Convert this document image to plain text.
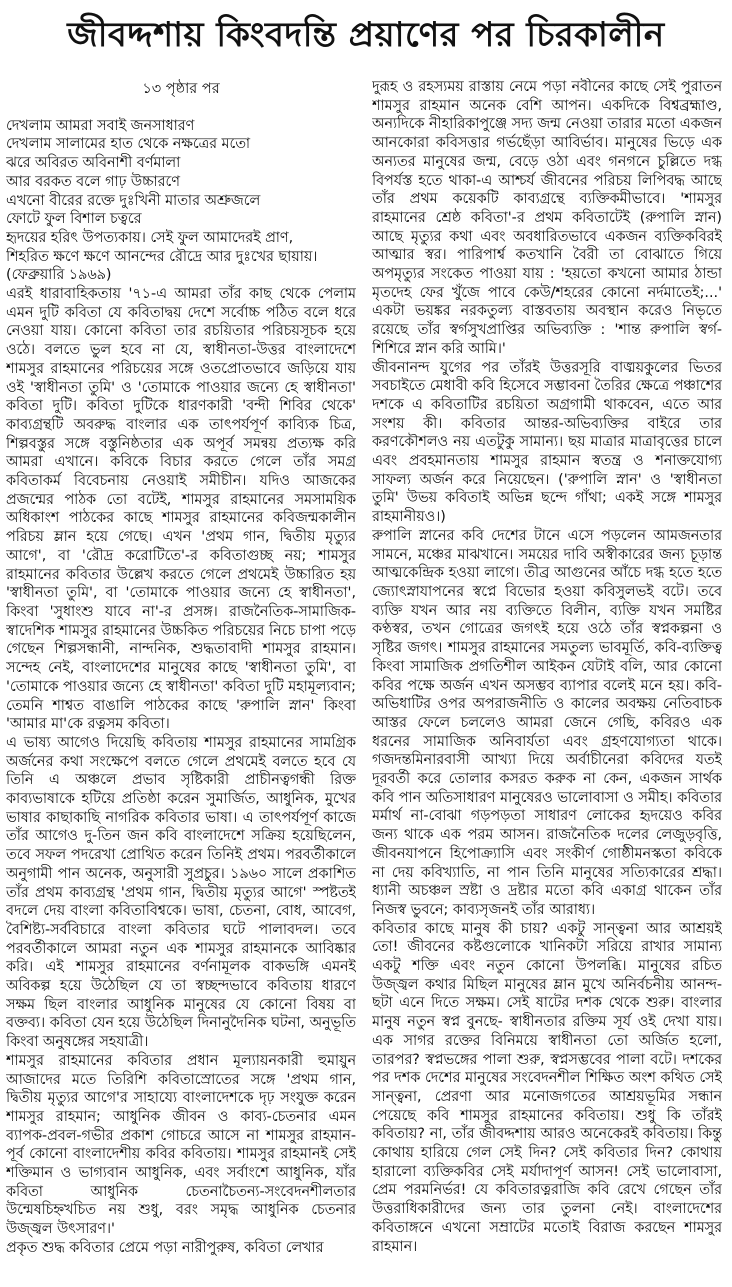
জীবদ্দশায় কিংবদন্তি প্রয়াণের পর চিরকালীন
১৩ পৃষ্ঠার পর
দেখলাম আমরা সবাই জনসাধারণ
দেখলাম সালামের হাত থেকে নক্ষত্রের মতো
ঝরে অবিরত অবিনাশী বর্ণমালা
আর বরকত বলে গাঢ় উচ্চারণে
এখনো বীরের রক্তে দুঃখিনী মাতার অশ্রুজলে
ফোটে ফুল বিশাল চত্বরে
হৃদয়ের হরিৎ উপত্যকায়। সেই ফুল আমাদেরই প্রাণ,
শিহরিত ক্ষণে ক্ষণে আনন্দের রৌদ্রে আর দুঃখের ছায়ায়।

(ফেব্রুয়ারি ১৯৬৯)

এরই ধারাবাহিকতায় '৭১-এ আমরা তাঁর কাছ থেকে পেলাম এমন দুটি কবিতা যে কবিতাদ্বয় দেশে সর্বোচ্চ পঠিত বলে ধরে নেওয়া যায়। কোনো কবিতা তার রচয়িতার পরিচয়সূচক হয়ে ওঠে। বলতে ভুল হবে না যে, স্বাধীনতা-উত্তর বাংলাদেশে শামসুর রাহমানের পরিচয়ের সঙ্গে ওতপ্রোতভাবে জড়িয়ে যায় ওই 'স্বাধীনতা তুমি' ও 'তোমাকে পাওয়ার জন্যে হে স্বাধীনতা' কবিতা দুটি। কবিতা দুটিকে ধারণকারী 'বন্দী শিবির থেকে' কাব্যগ্রন্থটি অবরুদ্ধ বাংলার এক তাৎপর্যপূর্ণ কাব্যিক চিত্র, শিল্পবস্তুর সঙ্গে বস্তুনিষ্ঠতার এক অপূর্ব সমন্বয় প্রত্যক্ষ করি আমরা এখানে। কবিকে বিচার করতে গেলে তাঁর সমগ্র কবিতাকর্ম বিবেচনায় নেওয়াই সমীচীন। যদিও আজকের প্রজন্মের পাঠক তো বটেই, শামসুর রাহমানের সমসাময়িক অধিকাংশ পাঠকের কাছে শামসুর রাহমানের কবিজন্মকালীন পরিচয় ম্লান হয়ে গেছে। এখন 'প্রথম গান, দ্বিতীয় মৃত্যুর আগে', বা 'রৌদ্র করোটিতে'-র কবিতাগুচ্ছ নয়; শামসুর রাহমানের কবিতার উল্লেখ করতে গেলে প্রথমেই উচ্চারিত হয় 'স্বাধীনতা তুমি', বা 'তোমাকে পাওয়ার জন্যে হে স্বাধীনতা', কিংবা 'সুধাংশু যাবে না'-র প্রসঙ্গ। রাজনৈতিক-সামাজিক-স্বাদেশিক শামসুর রাহমানের উচ্চকিত পরিচয়ের নিচে চাপা পড়ে গেছেন শিল্পসন্ধানী, নান্দনিক, শুদ্ধতাবাদী শামসুর রাহমান। সন্দেহ নেই, বাংলাদেশের মানুষের কাছে 'স্বাধীনতা তুমি', বা 'তোমাকে পাওয়ার জন্যে হে স্বাধীনতা' কবিতা দুটি মহামূল্যবান; তেমনি শাশ্বত বাঙালি পাঠকের কাছে 'রুপালি স্নান' কিংবা 'আমার মা'কে রত্নসম কবিতা।

এ ভাষ্য আগেও দিয়েছি কবিতায় শামসুর রাহমানের সামগ্রিক অর্জনের কথা সংক্ষেপে বলতে গেলে প্রথমেই বলতে হবে যে তিনি এ অঞ্চলে প্রভাব সৃষ্টিকারী প্রাচীনত্বগন্ধী রিক্ত কাব্যভাষাকে হটিয়ে প্রতিষ্ঠা করেন সুমার্জিত, আধুনিক, মুখের ভাষার কাছাকাছি নাগরিক কবিতার ভাষা। এ তাৎপর্যপূর্ণ কাজে তাঁর আগেও দু-তিন জন কবি বাংলাদেশে সক্রিয় হয়েছিলেন, তবে সফল পদরেখা প্রোথিত করেন তিনিই প্রথম। পরবর্তীকালে অনুগামী পান অনেক, অনুসারী সুপ্রচুর। ১৯৬০ সালে প্রকাশিত তাঁর প্রথম কাব্যগ্রন্থ 'প্রথম গান, দ্বিতীয় মৃত্যুর আগে' স্পষ্টতই বদলে দেয় বাংলা কবিতাবিশ্বকে। ভাষা, চেতনা, বোধ, আবেগ, বৈশিষ্ট্য-সর্ববিচারে বাংলা কবিতার ঘটে পালাবদল। তবে পরবর্তীকালে আমরা নতুন এক শামসুর রাহমানকে আবিষ্কার করি। এই শামসুর রাহমানের বর্ণনামূলক বাকভঙ্গি এমনই অবিকল্প হয়ে উঠেছিল যে তা স্বচ্ছন্দভাবে কবিতায় ধারণে সক্ষম ছিল বাংলার আধুনিক মানুষের যে কোনো বিষয় বা বক্তব্য। কবিতা যেন হয়ে উঠেছিল দিনানুদৈনিক ঘটনা, অনুভূতি কিংবা অনুষঙ্গের সহযাত্রী।

শামসুর রাহমানের কবিতার প্রধান মূল্যায়নকারী হুমায়ুন আজাদের মতে তিরিশি কবিতাস্রোতের সঙ্গে 'প্রথম গান, দ্বিতীয় মৃত্যুর আগে'র সাহায্যে বাংলাদেশকে দৃঢ় সংযুক্ত করেন শামসুর রাহমান; আধুনিক জীবন ও কাব্য-চেতনার এমন ব্যাপক-প্রবল-গভীর প্রকাশ গোচরে আসে না শামসুর রাহমান-পূর্ব কোনো বাংলাদেশীয় কবির কবিতায়। শামসুর রাহমানই সেই শক্তিমান ও ভাগ্যবান আধুনিক, এবং সর্বাংশে আধুনিক, যাঁর কবিতা আধুনিক চেতনাচৈতন্য-সংবেদনশীলতার উন্মেষচিহ্নখচিত নয় শুধু, বরং সমৃদ্ধ আধুনিক চেতনার উজ্জ্বল উৎসারণ।'

প্রকৃত শুদ্ধ কবিতার প্রেমে পড়া নারীপুরুষ, কবিতা লেখার

দুরূহ ও রহস্যময় রাস্তায় নেমে পড়া নবীনের কাছে সেই পুরাতন শামসুর রাহমান অনেক বেশি আপন। একদিকে বিশ্বব্রহ্মাণ্ড, অন্যদিকে নীহারিকাপুঞ্জে সদ্য জন্ম নেওয়া তারার মতো একজন আনকোরা কবিসত্তার গর্ভছেঁড়া আবির্ভাব। মানুষের ভিড়ে এক অন্যতর মানুষের জন্ম, বেড়ে ওঠা এবং গনগনে চুল্লিতে দগ্ধ বিপর্যস্ত হতে থাকা-এ আশ্চর্য জীবনের পরিচয় লিপিবদ্ধ আছে তাঁর প্রথম কয়েকটি কাব্যগ্রন্থে ব্যক্তিকমীভাবে। 'শামসুর রাহমানের শ্রেষ্ঠ কবিতা'-র প্রথম কবিতাটেই (রুপালি স্নান) আছে মৃত্যুর কথা এবং অবধারিতভাবে একজন ব্যক্তিকবিরই আত্মার স্বর। পারিপার্শ্ব কতখানি বৈরী তা বোঝাতে গিয়ে অপমৃত্যুর সংকেত পাওয়া যায় : 'হয়তো কখনো আমার ঠান্ডা মৃতদেহ ফের খুঁজে পাবে কেউ/শহরের কোনো নর্দমাতেই;...' একটা ভয়ঙ্কর নরকতুল্য বাস্তবতায় অবস্থান করেও নিভৃতে রয়েছে তাঁর স্বর্গসুখপ্রাপ্তির অভিব্যক্তি : 'শান্ত রুপালি স্বর্গ-শিশিরে স্নান করি আমি।'

জীবনানন্দ যুগের পর তাঁরই উত্তরসূরি বাঙ্ময়কুলের ভিতর সবচাইতে মেধাবী কবি হিসেবে সম্ভাবনা তৈরির ক্ষেত্রে পঞ্চাশের দশকে এ কবিতাটির রচয়িতা অগ্রগামী থাকবেন, এতে আর সংশয় কী। কবিতার আন্তর-অভিব্যক্তির বাইরে তার করণকৌশলও নয় এতটুকু সামান্য। ছয় মাত্রার মাত্রাবৃত্তের চালে এবং প্রবহমানতায় শামসুর রাহমান স্বতন্ত্র ও শনাক্তযোগ্য সাফল্য অর্জন করে নিয়েছেন। ('রুপালি স্নান' ও 'স্বাধীনতা তুমি' উভয় কবিতাই অভিন্ন ছন্দে গাঁথা; একই সঙ্গে শামসুর রাহমানীয়ও।)

রুপালি স্নানের কবি দেশের টানে এসে পড়লেন আমজনতার সামনে, মঞ্চের মাঝখানে। সময়ের দাবি অস্বীকারের জন্য চূড়ান্ত আত্মকেন্দ্রিক হওয়া লাগে। তীব্র আগুনের আঁচে দগ্ধ হতে হতে জ্যোৎস্নাযাপনের স্বপ্নে বিভোর হওয়া কবিসুলভই বটে। তবে ব্যক্তি যখন আর নয় ব্যক্তিতে বিলীন, ব্যক্তি যখন সমষ্টির কণ্ঠস্বর, তখন গোত্রের জগৎই হয়ে ওঠে তাঁর স্বপ্নকল্পনা ও সৃষ্টির জগৎ। শামসুর রাহমানের সমতুল্য ভাবমূর্তি, কবি-ব্যক্তিত্ব কিংবা সামাজিক প্রগতিশীল আইকন যেটাই বলি, আর কোনো কবির পক্ষে অর্জন এখন অসম্ভব ব্যাপার বলেই মনে হয়। কবি-অভিধাটির ওপর অপরাজনীতি ও কালের অবক্ষয় নেতিবাচক আস্তর ফেলে চললেও আমরা জেনে গেছি, কবিরও এক ধরনের সামাজিক অনিবার্যতা এবং গ্রহণযোগ্যতা থাকে। গজদন্তমিনারবাসী আখ্যা দিয়ে অর্বাচীনেরা কবিদের যতই দূরবর্তী করে তোলার কসরত করুক না কেন, একজন সার্থক কবি পান অতিসাধারণ মানুষেরও ভালোবাসা ও সমীহ। কবিতার মর্মার্থ না-বোঝা গড়পড়তা সাধারণ লোকের হৃদয়েও কবির জন্য থাকে এক পরম আসন। রাজনৈতিক দলের লেজুড়বৃত্তি, জীবনযাপনে হিপোক্র্যাসি এবং সংকীর্ণ গোষ্ঠীমনস্কতা কবিকে না দেয় কবিখ্যাতি, না পান তিনি মানুষের সত্যিকারের শ্রদ্ধা। ধ্যানী অচঞ্চল স্রষ্টা ও দ্রষ্টার মতো কবি একাগ্র থাকেন তাঁর নিজস্ব ভুবনে; কাব্যসৃজনই তাঁর আরাধ্য।

কবিতার কাছে মানুষ কী চায়? একটু সান্ত্বনা আর আশ্রয়ই তো! জীবনের কষ্টগুলোকে খানিকটা সরিয়ে রাখার সামান্য একটু শক্তি এবং নতুন কোনো উপলব্ধি। মানুষের রচিত উজ্জ্বল কথার মিছিল মানুষের ম্লান মুখে অনির্বচনীয় আনন্দ-ছটা এনে দিতে সক্ষম। সেই ষাটের দশক থেকে শুরু। বাংলার মানুষ নতুন স্বপ্ন বুনছে- স্বাধীনতার রক্তিম সূর্য ওই দেখা যায়। এক সাগর রক্তের বিনিময়ে স্বাধীনতা তো অর্জিত হলো, তারপর? স্বপ্নভঙ্গের পালা শুরু, স্বপ্নসম্ভবের পালা বটে। দশকের পর দশক দেশের মানুষের সংবেদনশীল শিক্ষিত অংশ কথিত সেই সান্ত্বনা, প্রেরণা আর মনোজগতের আশ্রয়ভূমির সন্ধান পেয়েছে কবি শামসুর রাহমানের কবিতায়। শুধু কি তাঁরই কবিতায়? না, তাঁর জীবদ্দশায় আরও অনেকেরই কবিতায়। কিন্তু কোথায় হারিয়ে গেল সেই দিন? সেই কবিতার দিন? কোথায় হারালো ব্যক্তিকবির সেই মর্যাদাপূর্ণ আসন! সেই ভালোবাসা, প্রেম পরমনির্ভর! যে কবিতারত্নরাজি কবি রেখে গেছেন তাঁর উত্তরাধিকারীদের জন্য তার তুলনা নেই। বাংলাদেশের কবিতাঙ্গনে এখনো সম্রাটের মতোই বিরাজ করছেন শামসুর রাহমান।
